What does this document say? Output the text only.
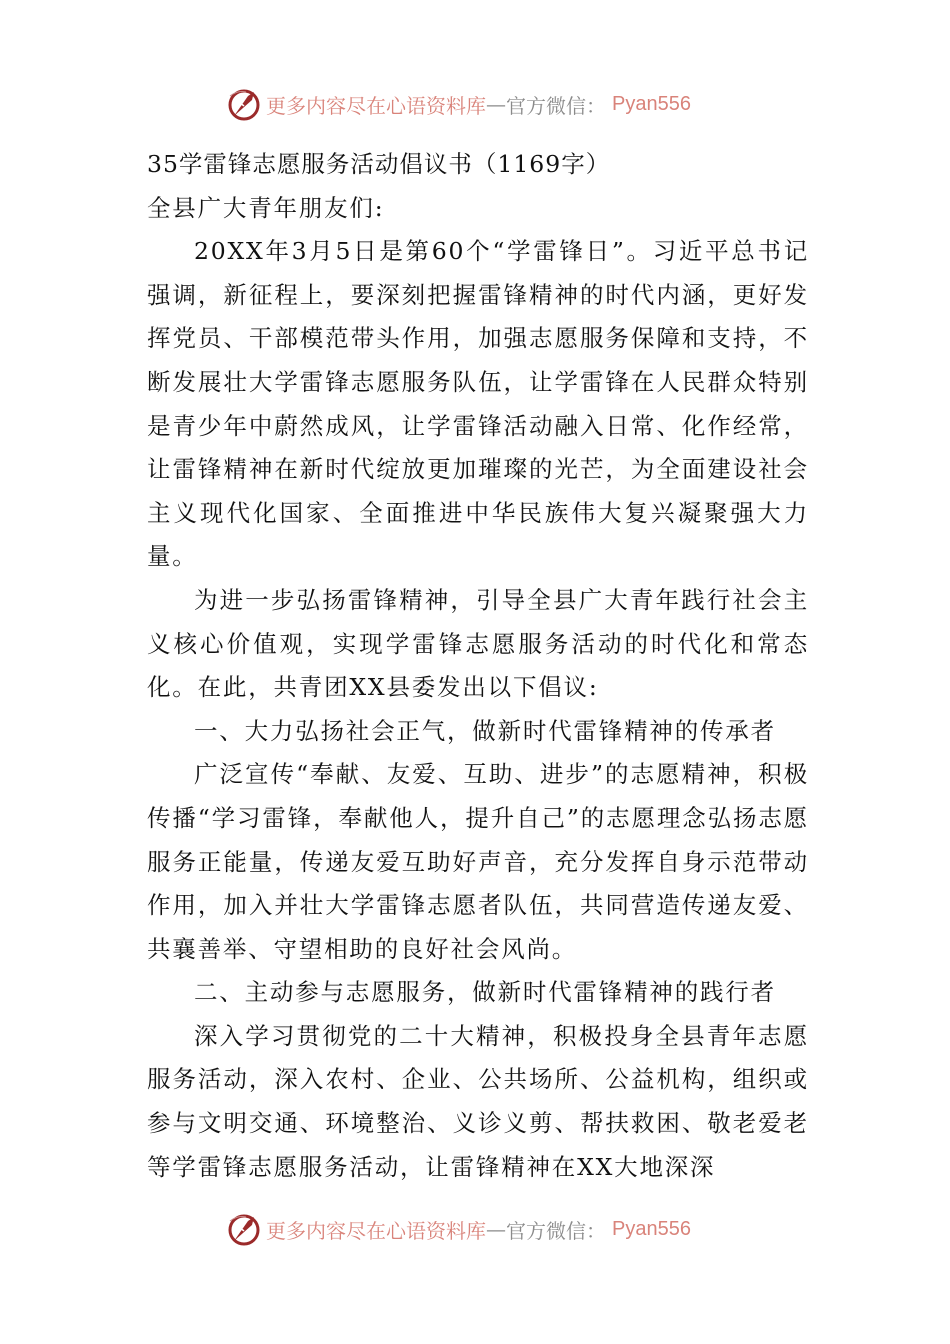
更多内容尽在心语资料库 — 官方微信： Pyan556

35学雷锋志愿服务活动倡议书（1169字）

全县广大青年朋友们:

20XX年3月5日是第60个“学雷锋日”。习近平总书记强调，新征程上，要深刻把握雷锋精神的时代内涵，更好发挥党员、干部模范带头作用，加强志愿服务保障和支持，不断发展壮大学雷锋志愿服务队伍，让学雷锋在人民群众特别是青少年中蔚然成风，让学雷锋活动融入日常、化作经常，让雷锋精神在新时代绽放更加璀璨的光芒，为全面建设社会主义现代化国家、全面推进中华民族伟大复兴凝聚强大力量。

为进一步弘扬雷锋精神，引导全县广大青年践行社会主义核心价值观，实现学雷锋志愿服务活动的时代化和常态化。在此，共青团XX县委发出以下倡议:

一、大力弘扬社会正气，做新时代雷锋精神的传承者

广泛宣传“奉献、友爱、互助、进步”的志愿精神，积极传播“学习雷锋，奉献他人，提升自己”的志愿理念弘扬志愿服务正能量，传递友爱互助好声音，充分发挥自身示范带动作用，加入并壮大学雷锋志愿者队伍，共同营造传递友爱、共襄善举、守望相助的良好社会风尚。

二、主动参与志愿服务，做新时代雷锋精神的践行者

深入学习贯彻党的二十大精神，积极投身全县青年志愿服务活动，深入农村、企业、公共场所、公益机构，组织或参与文明交通、环境整治、义诊义剪、帮扶救困、敬老爱老等学雷锋志愿服务活动，让雷锋精神在XX大地深深

更多内容尽在心语资料库 — 官方微信： Pyan556
